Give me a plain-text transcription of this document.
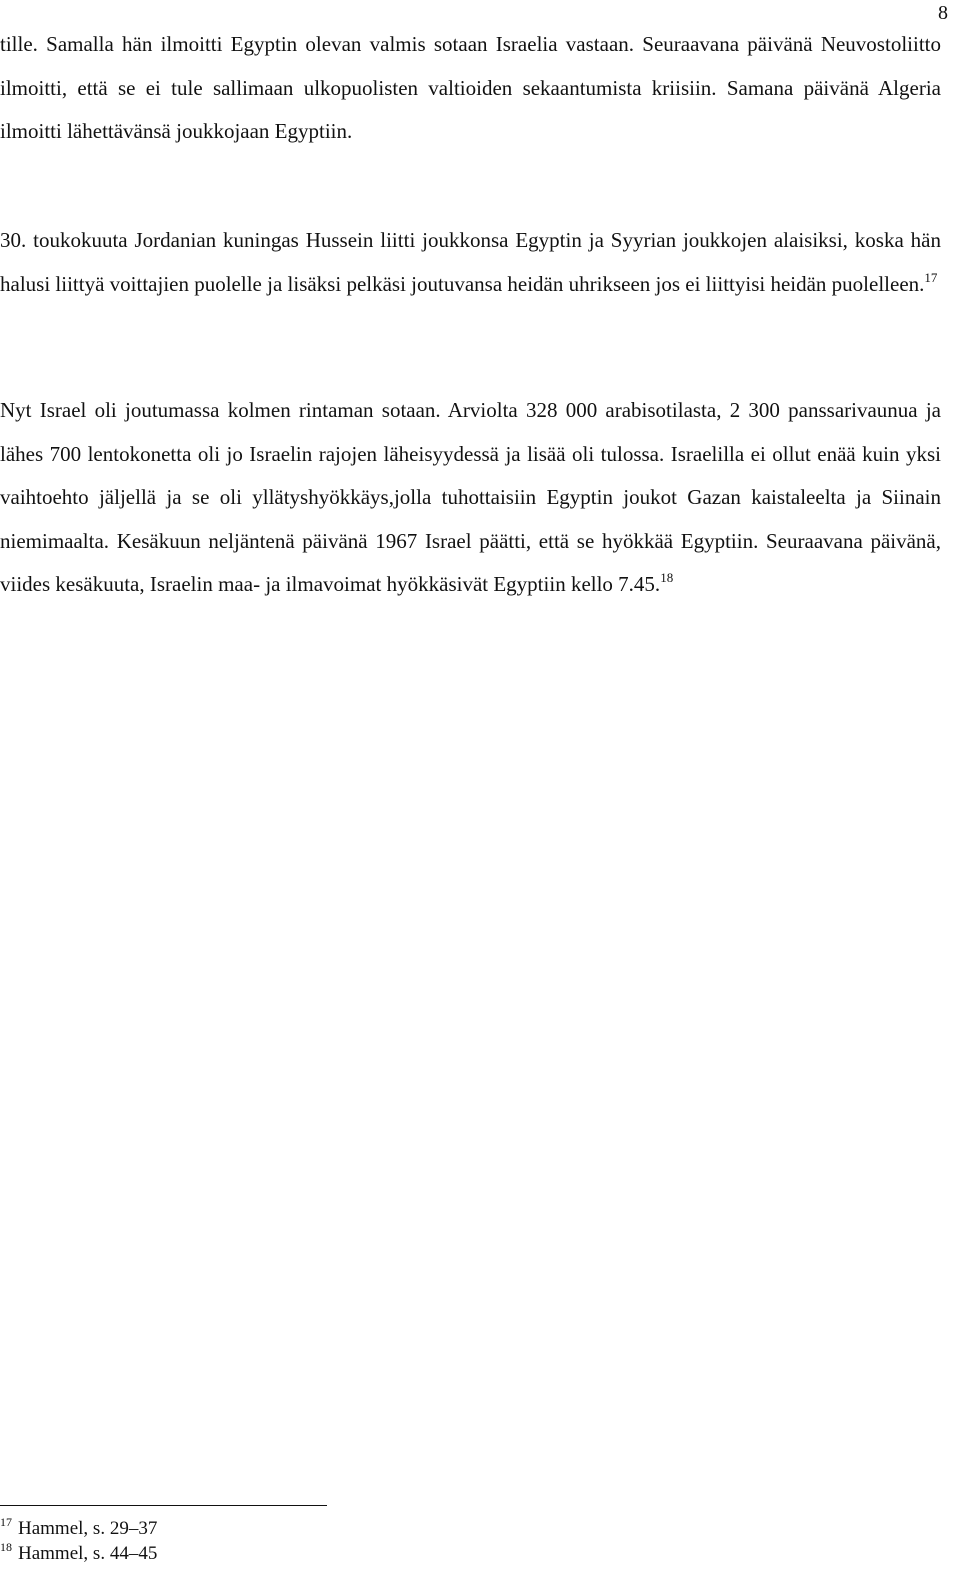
8

tille. Samalla hän ilmoitti Egyptin olevan valmis sotaan Israelia vastaan. Seuraavana päivänä Neuvostoliitto ilmoitti, että se ei tule sallimaan ulkopuolisten valtioiden sekaantumista kriisiin. Samana päivänä Algeria ilmoitti lähettävänsä joukkojaan Egyptiin.

30. toukokuuta Jordanian kuningas Hussein liitti joukkonsa Egyptin ja Syyrian joukkojen alaisiksi, koska hän halusi liittyä voittajien puolelle ja lisäksi pelkäsi joutuvansa heidän uhrikseen jos ei liittyisi heidän puolelleen.$^{17}$

Nyt Israel oli joutumassa kolmen rintaman sotaan. Arviolta 328 000 arabisotilasta, 2 300 panssarivaunua ja lähes 700 lentokonetta oli jo Israelin rajojen läheisyydessä ja lisää oli tulossa. Israelilla ei ollut enää kuin yksi vaihtoehto jäljellä ja se oli yllätyshyökkäys,jolla tuhottaisiin Egyptin joukot Gazan kaistaleelta ja Siinain niemimaalta. Kesäkuun neljäntenä päivänä 1967 Israel päätti, että se hyökkää Egyptiin. Seuraavana päivänä, viides kesäkuuta, Israelin maa- ja ilmavoimat hyökkäsivät Egyptiin kello 7.45.18

$^{17}$ Hammel, s. 29–37

$^{18}$ Hammel, s. 44–45
